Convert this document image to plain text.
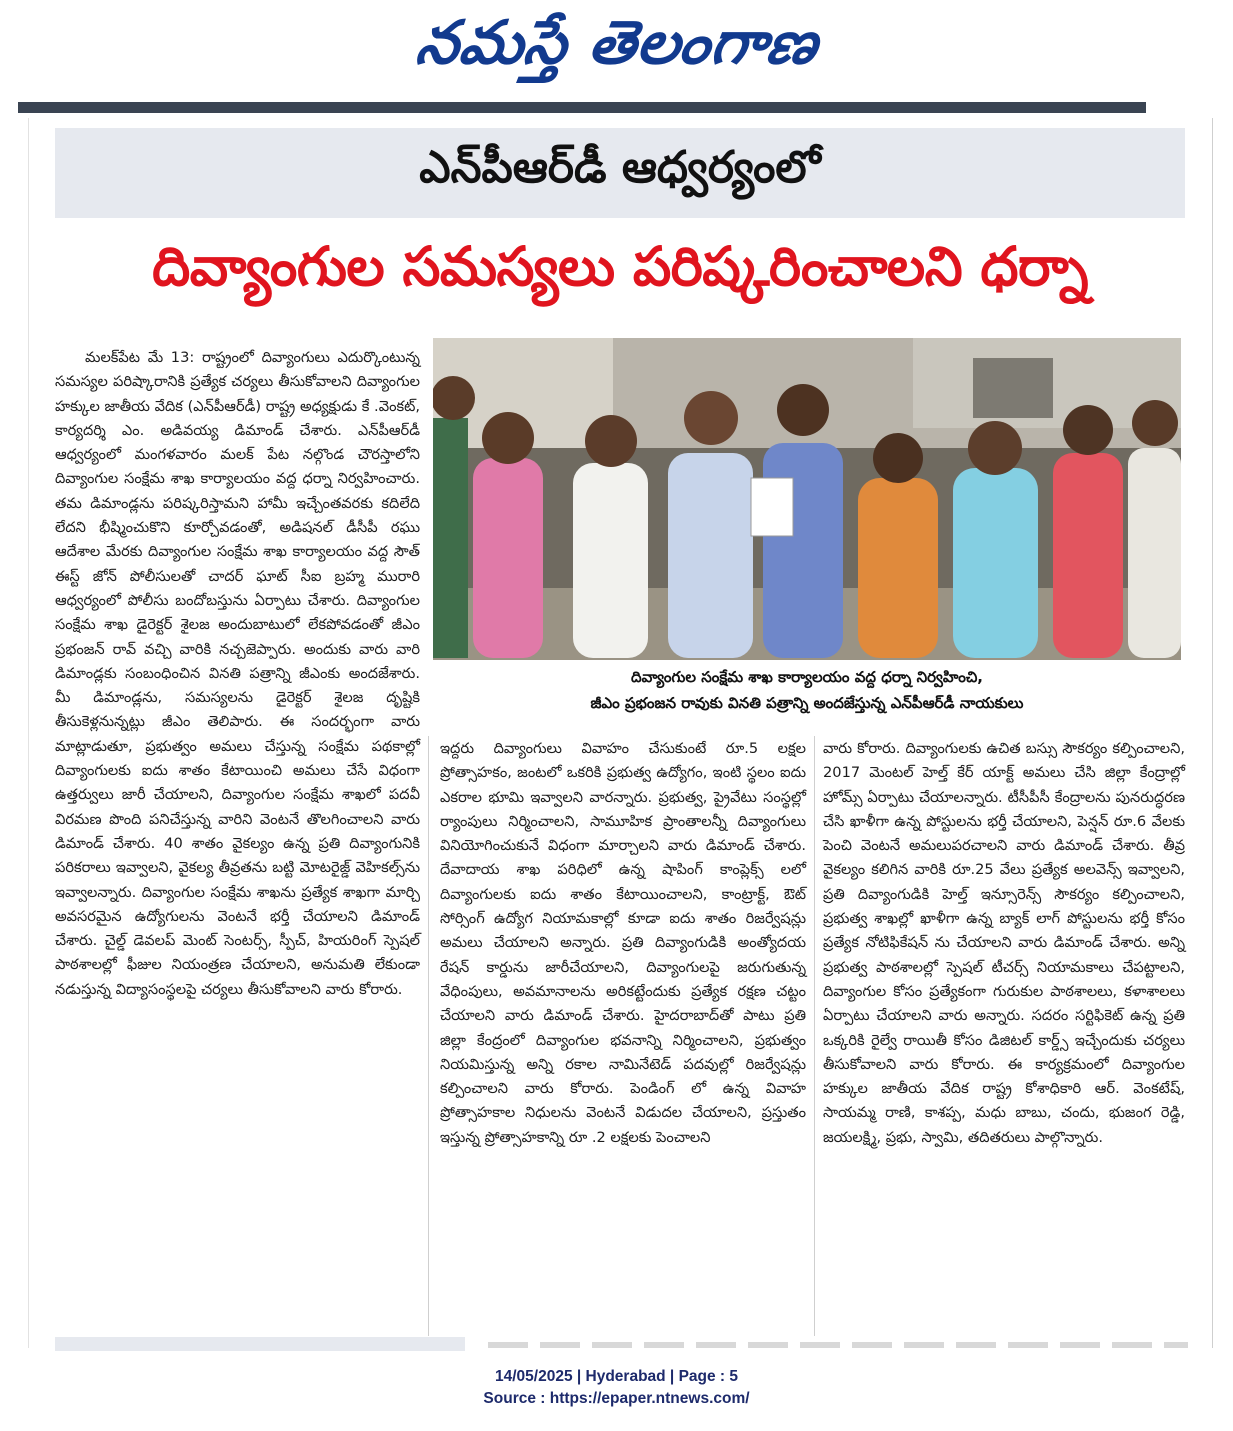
నమస్తే తెలంగాణ
ఎన్‌పీఆర్‌డీ ఆధ్వర్యంలో
దివ్యాంగుల సమస్యలు పరిష్కరించాలని ధర్నా

మలక్‌పేట మే 13: రాష్ట్రంలో దివ్యాంగులు ఎదుర్కొంటున్న సమస్యల పరిష్కారానికి ప్రత్యేక చర్యలు తీసుకోవాలని దివ్యాంగుల హక్కుల జాతీయ వేదిక (ఎన్‌పీఆర్‌డీ) రాష్ట్ర అధ్యక్షుడు కే .వెంకట్, కార్యదర్శి ఎం. అడివయ్య డిమాండ్ చేశారు. ఎన్‌పీఆర్‌డీ ఆధ్వర్యంలో మంగళవారం మలక్ పేట నల్గొండ చౌరస్తాలోని దివ్యాంగుల సంక్షేమ శాఖ కార్యాలయం వద్ద ధర్నా నిర్వహించారు. తమ డిమాండ్లను పరిష్కరిస్తామని హామీ ఇచ్చేంతవరకు కదిలేది లేదని భీష్మించుకొని కూర్చోవడంతో, అడిషనల్ డీసీపీ రఘు ఆదేశాల మేరకు దివ్యాంగుల సంక్షేమ శాఖ కార్యాలయం వద్ద సౌత్ ఈస్ట్ జోన్ పోలీసులతో చాదర్ ఘాట్ సీఐ బ్రహ్మ మురారి ఆధ్వర్యంలో పోలీసు బందోబస్తును ఏర్పాటు చేశారు. దివ్యాంగుల సంక్షేమ శాఖ డైరెక్టర్ శైలజ అందుబాటులో లేకపోవడంతో జీఎం ప్రభంజన్ రావ్ వచ్చి వారికి నచ్చజెప్పారు. అందుకు వారు వారి డిమాండ్లకు సంబంధించిన వినతి పత్రాన్ని జీఎంకు అందజేశారు. మీ డిమాండ్లను, సమస్యలను డైరెక్టర్ శైలజ దృష్టికి తీసుకెళ్లనున్నట్లు జీఎం తెలిపారు. ఈ సందర్భంగా వారు మాట్లాడుతూ, ప్రభుత్వం అమలు చేస్తున్న సంక్షేమ పథకాల్లో దివ్యాంగులకు ఐదు శాతం కేటాయించి అమలు చేసే విధంగా ఉత్తర్వులు జారీ చేయాలని, దివ్యాంగుల సంక్షేమ శాఖలో పదవీ విరమణ పొంది పనిచేస్తున్న వారిని వెంటనే తొలగించాలని వారు డిమాండ్ చేశారు. 40 శాతం వైకల్యం ఉన్న ప్రతి దివ్యాంగునికి పరికరాలు ఇవ్వాలని, వైకల్య తీవ్రతను బట్టి మోటరైజ్డ్ వెహికల్స్‌ను ఇవ్వాలన్నారు. దివ్యాంగుల సంక్షేమ శాఖను ప్రత్యేక శాఖగా మార్చి అవసరమైన ఉద్యోగులను వెంటనే భర్తీ చేయాలని డిమాండ్ చేశారు. చైల్డ్ డెవలప్ మెంట్ సెంటర్స్, స్పీచ్, హియరింగ్ స్పెషల్ పాఠశాలల్లో ఫీజుల నియంత్రణ చేయాలని, అనుమతి లేకుండా నడుస్తున్న విద్యాసంస్థలపై చర్యలు తీసుకోవాలని వారు కోరారు.

దివ్యాంగుల సంక్షేమ శాఖ కార్యాలయం వద్ద ధర్నా నిర్వహించి,
జీఎం ప్రభంజన రావుకు వినతి పత్రాన్ని అందజేస్తున్న ఎన్‌పీఆర్‌డీ నాయకులు

ఇద్దరు దివ్యాంగులు వివాహం చేసుకుంటే రూ.5 లక్షల ప్రోత్సాహకం, జంటలో ఒకరికి ప్రభుత్వ ఉద్యోగం, ఇంటి స్థలం ఐదు ఎకరాల భూమి ఇవ్వాలని వారన్నారు. ప్రభుత్వ, ప్రైవేటు సంస్థల్లో ర్యాంపులు నిర్మించాలని, సామూహిక ప్రాంతాలన్నీ దివ్యాంగులు వినియోగించుకునే విధంగా మార్చాలని వారు డిమాండ్ చేశారు. దేవాదాయ శాఖ పరిధిలో ఉన్న షాపింగ్ కాంప్లెక్స్ లలో దివ్యాంగులకు ఐదు శాతం కేటాయించాలని, కాంట్రాక్ట్, ఔట్ సోర్సింగ్ ఉద్యోగ నియామకాల్లో కూడా ఐదు శాతం రిజర్వేషన్లు అమలు చేయాలని అన్నారు. ప్రతి దివ్యాంగుడికి అంత్యోదయ రేషన్ కార్డును జారీచేయాలని, దివ్యాంగులపై జరుగుతున్న వేధింపులు, అవమానాలను అరికట్టేందుకు ప్రత్యేక రక్షణ చట్టం చేయాలని వారు డిమాండ్ చేశారు. హైదరాబాద్‌తో పాటు ప్రతి జిల్లా కేంద్రంలో దివ్యాంగుల భవనాన్ని నిర్మించాలని, ప్రభుత్వం నియమిస్తున్న అన్ని రకాల నామినేటెడ్ పదవుల్లో రిజర్వేషన్లు కల్పించాలని వారు కోరారు. పెండింగ్ లో ఉన్న వివాహ ప్రోత్సాహకాల నిధులను వెంటనే విడుదల చేయాలని, ప్రస్తుతం ఇస్తున్న ప్రోత్సాహకాన్ని రూ .2 లక్షలకు పెంచాలని

వారు కోరారు. దివ్యాంగులకు ఉచిత బస్సు సౌకర్యం కల్పించాలని, 2017 మెంటల్ హెల్త్ కేర్ యాక్ట్ అమలు చేసి జిల్లా కేంద్రాల్లో హోమ్స్ ఏర్పాటు చేయాలన్నారు. టీసీపీసీ కేంద్రాలను పునరుద్ధరణ చేసి ఖాళీగా ఉన్న పోస్టులను భర్తీ చేయాలని, పెన్షన్ రూ.6 వేలకు పెంచి వెంటనే అమలుపరచాలని వారు డిమాండ్ చేశారు. తీవ్ర వైకల్యం కలిగిన వారికి రూ.25 వేలు ప్రత్యేక అలవెన్స్ ఇవ్వాలని, ప్రతి దివ్యాంగుడికి హెల్త్ ఇన్సూరెన్స్ సౌకర్యం కల్పించాలని, ప్రభుత్వ శాఖల్లో ఖాళీగా ఉన్న బ్యాక్ లాగ్ పోస్టులను భర్తీ కోసం ప్రత్యేక నోటిఫికేషన్ ను చేయాలని వారు డిమాండ్ చేశారు. అన్ని ప్రభుత్వ పాఠశాలల్లో స్పెషల్ టీచర్స్ నియామకాలు చేపట్టాలని, దివ్యాంగుల కోసం ప్రత్యేకంగా గురుకుల పాఠశాలలు, కళాశాలలు ఏర్పాటు చేయాలని వారు అన్నారు. సదరం సర్టిఫికెట్ ఉన్న ప్రతి ఒక్కరికి రైల్వే రాయితీ కోసం డిజిటల్ కార్డ్స్ ఇచ్చేందుకు చర్యలు తీసుకోవాలని వారు కోరారు. ఈ కార్యక్రమంలో దివ్యాంగుల హక్కుల జాతీయ వేదిక రాష్ట్ర కోశాధికారి ఆర్. వెంకటేష్, సాయమ్మ రాణి, కాశప్ప, మధు బాబు, చందు, భుజంగ రెడ్డి, జయలక్ష్మి, ప్రభు, స్వామి, తదితరులు పాల్గొన్నారు.

14/05/2025 | Hyderabad | Page : 5
Source : https://epaper.ntnews.com/
